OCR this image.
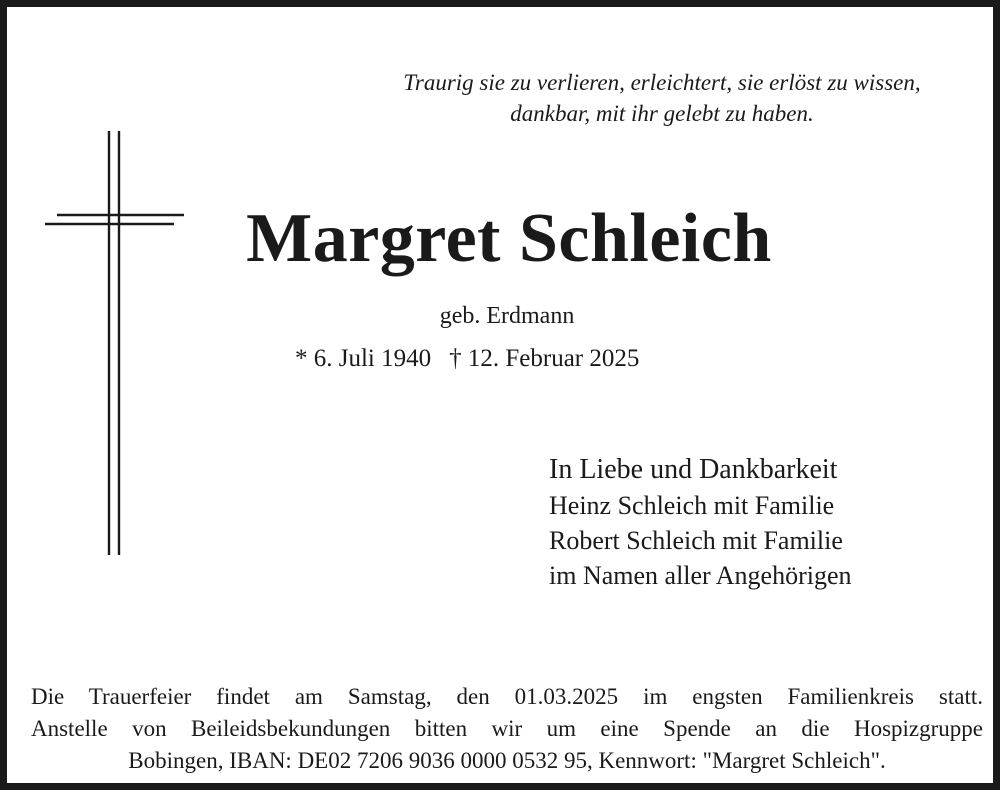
Traurig sie zu verlieren, erleichtert, sie erlöst zu wissen,
dankbar, mit ihr gelebt zu haben.
Margret Schleich
geb. Erdmann
* 6. Juli 1940 † 12. Februar 2025
In Liebe und Dankbarkeit
Heinz Schleich mit Familie
Robert Schleich mit Familie
im Namen aller Angehörigen
Die Trauerfeier findet am Samstag, den 01.03.2025 im engsten Familienkreis statt.
Anstelle von Beileidsbekundungen bitten wir um eine Spende an die Hospizgruppe
Bobingen, IBAN: DE02 7206 9036 0000 0532 95, Kennwort: "Margret Schleich".
